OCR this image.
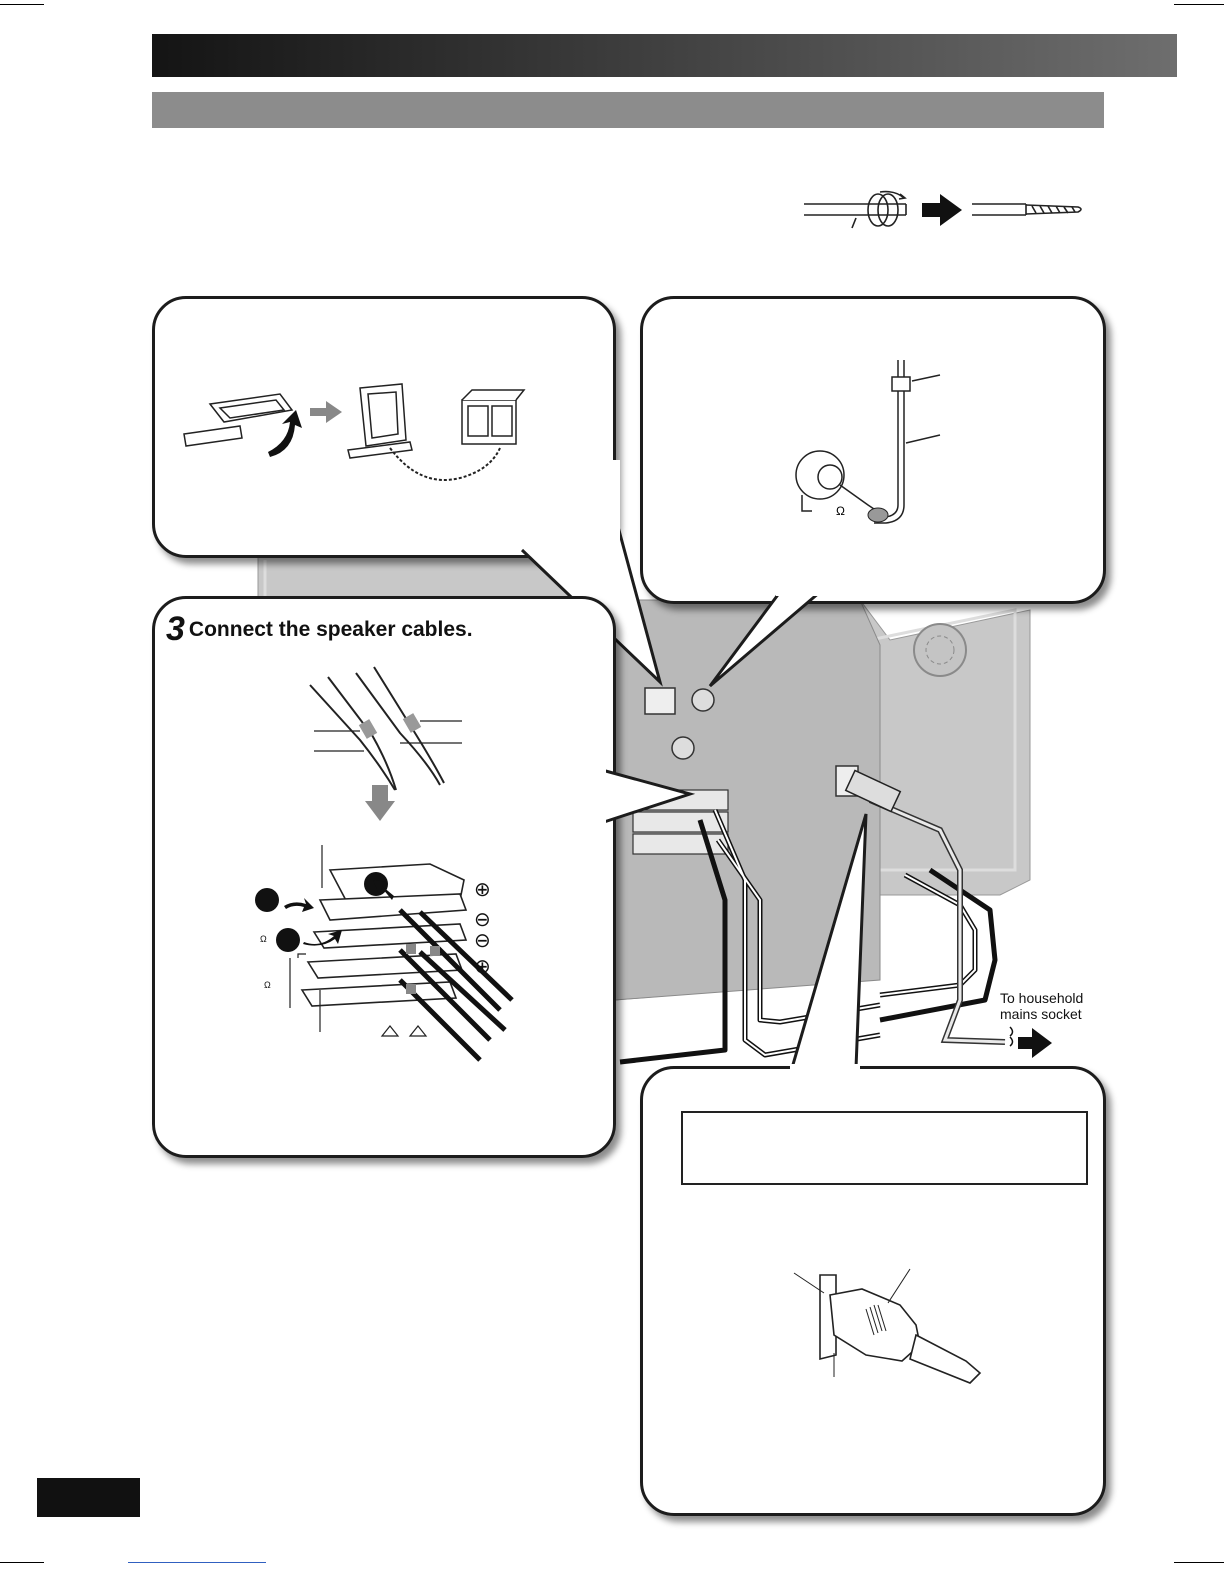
Ω
3 Connect the speaker cables.
⊕
⊖
⊖
⊕
Ω
Ω
To household
mains socket
